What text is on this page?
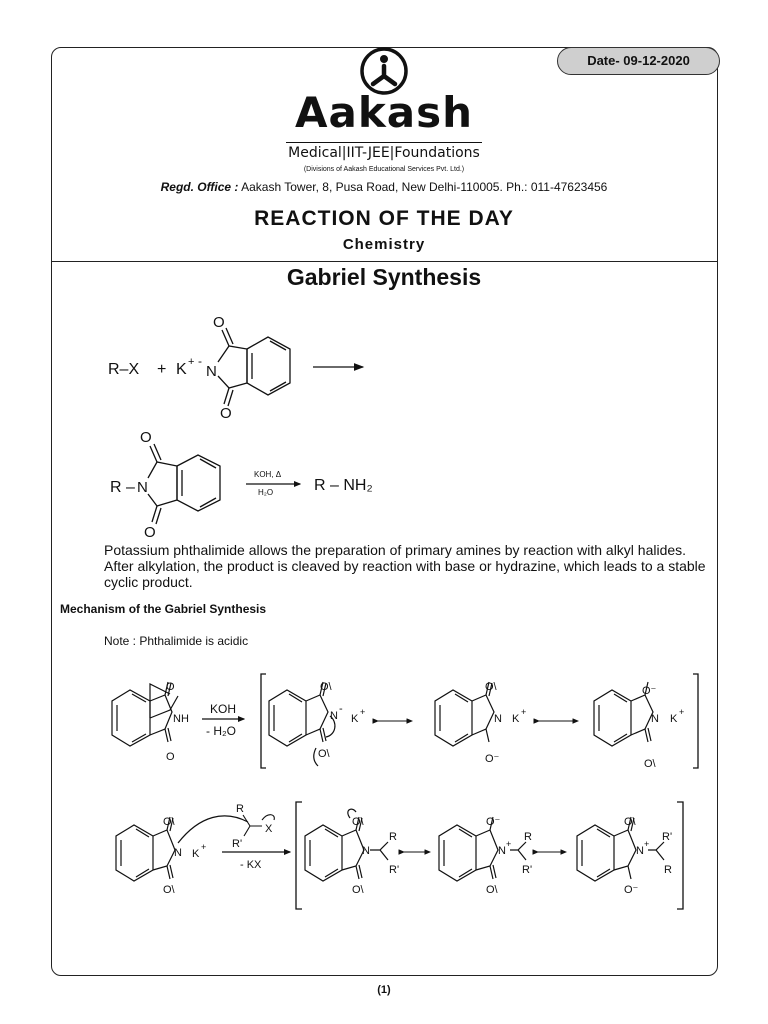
Date- 09-12-2020
Aakash
Medical|IIT-JEE|Foundations
(Divisions of Aakash Educational Services Pvt. Ltd.)
Regd. Office : Aakash Tower, 8, Pusa Road, New Delhi-110005. Ph.: 011-47623456
REACTION OF THE DAY
Chemistry
Gabriel Synthesis
R–X + K + -
N
O
O
R – N
O
O
KOH, Δ
H₂O	R – NH₂
O
NH
O
KOH
- H₂O
O\
N
-
O\
K
+
O\
N
O⁻
K
+
O⁻
N
O\
K
+
O\
N
O\
K
+
R
X
R'
- KX
O\
N
O\
R
R'
O⁻
N
+
O\
R
R'
O\
N
+
O⁻
R'
R
Potassium phthalimide allows the preparation of primary amines by reaction with alkyl halides. After alkylation, the product is cleaved by reaction with base or hydrazine, which leads to a stable cyclic product.
Mechanism of the Gabriel Synthesis
Note : Phthalimide is acidic
(1)
